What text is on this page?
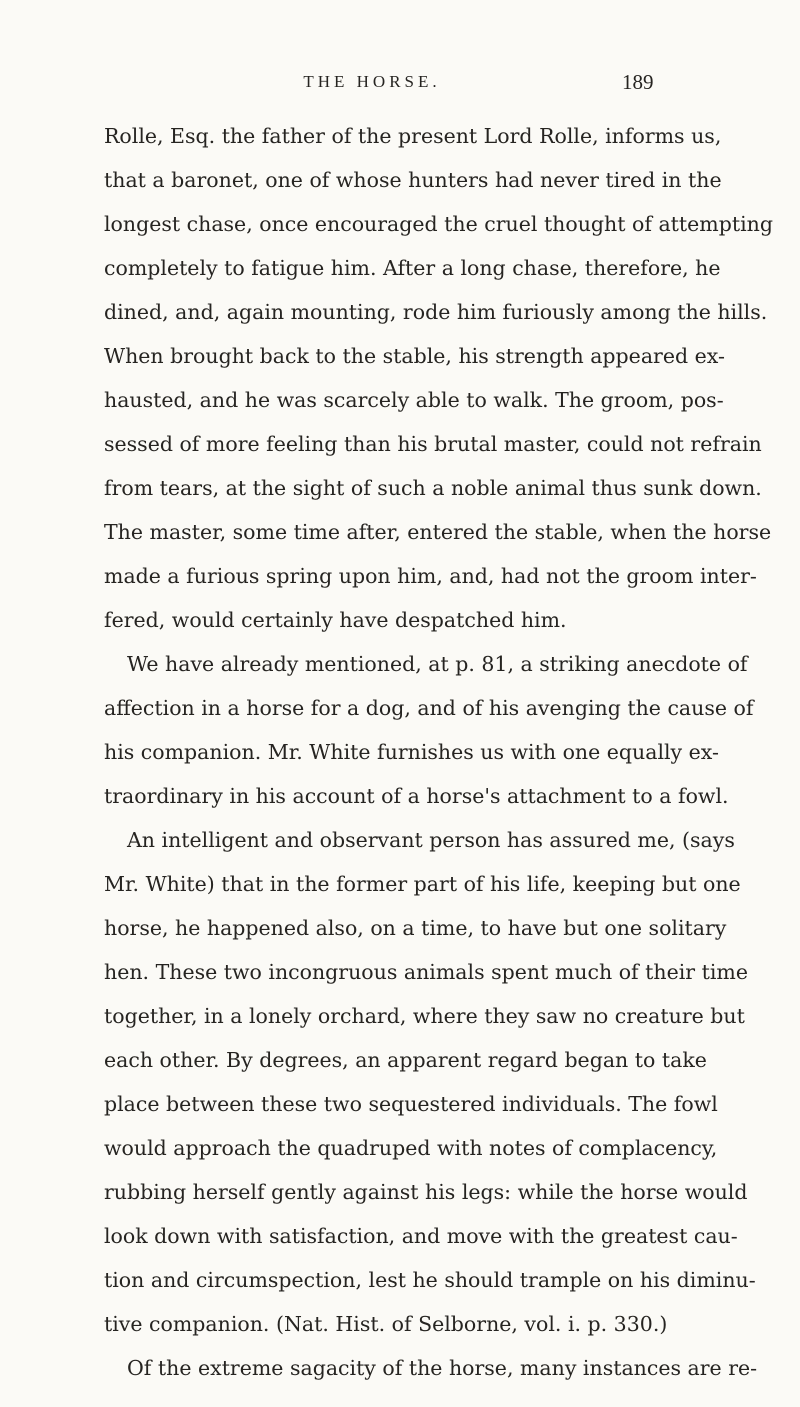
THE HORSE.	189
Rolle, Esq. the father of the present Lord Rolle, informs us,
that a baronet, one of whose hunters had never tired in the
longest chase, once encouraged the cruel thought of attempting
completely to fatigue him. After a long chase, therefore, he
dined, and, again mounting, rode him furiously among the hills.
When brought back to the stable, his strength appeared ex-
hausted, and he was scarcely able to walk. The groom, pos-
sessed of more feeling than his brutal master, could not refrain
from tears, at the sight of such a noble animal thus sunk down.
The master, some time after, entered the stable, when the horse
made a furious spring upon him, and, had not the groom inter-
fered, would certainly have despatched him.
We have already mentioned, at p. 81, a striking anecdote of
affection in a horse for a dog, and of his avenging the cause of
his companion. Mr. White furnishes us with one equally ex-
traordinary in his account of a horse's attachment to a fowl.
An intelligent and observant person has assured me, (says
Mr. White) that in the former part of his life, keeping but one
horse, he happened also, on a time, to have but one solitary
hen. These two incongruous animals spent much of their time
together, in a lonely orchard, where they saw no creature but
each other. By degrees, an apparent regard began to take
place between these two sequestered individuals. The fowl
would approach the quadruped with notes of complacency,
rubbing herself gently against his legs: while the horse would
look down with satisfaction, and move with the greatest cau-
tion and circumspection, lest he should trample on his diminu-
tive companion. (Nat. Hist. of Selborne, vol. i. p. 330.)
Of the extreme sagacity of the horse, many instances are re-
